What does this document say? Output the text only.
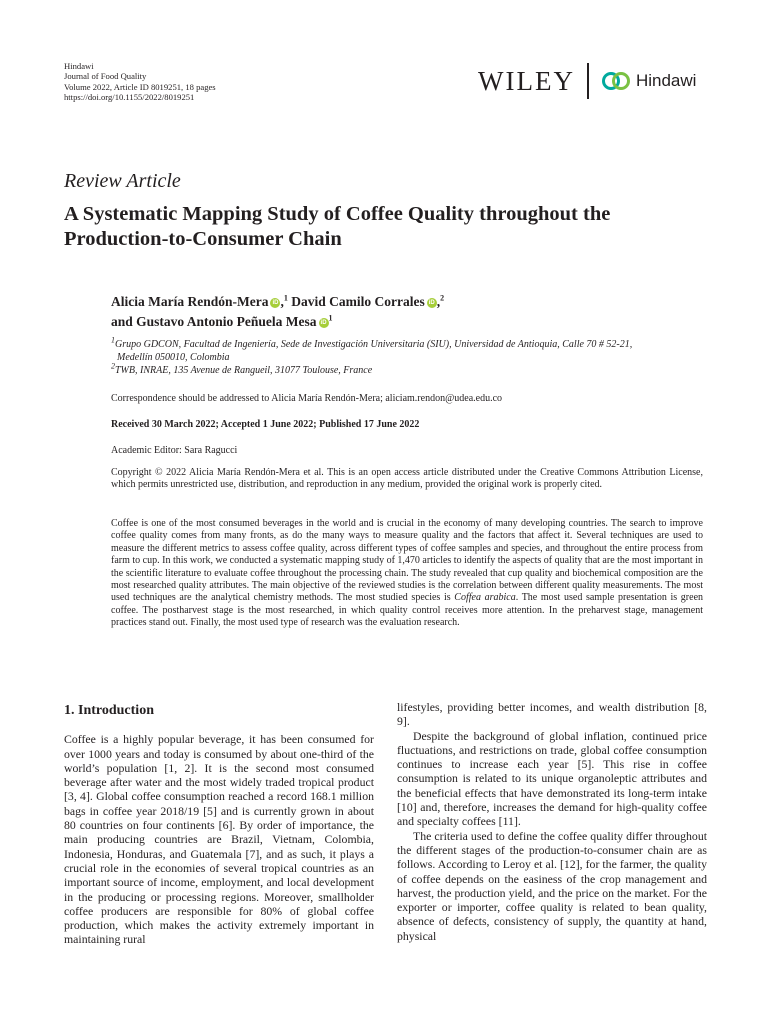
Hindawi
Journal of Food Quality
Volume 2022, Article ID 8019251, 18 pages
https://doi.org/10.1155/2022/8019251
WILEY	Hindawi
Review Article
A Systematic Mapping Study of Coffee Quality throughout the Production-to-Consumer Chain
Alicia María Rendón-Mera iD ,$^1$ David Camilo Corrales iD ,$^2$
and Gustavo Antonio Peñuela Mesa $iD^1$
$^1$Grupo GDCON, Facultad de Ingeniería, Sede de Investigación Universitaria (SIU), Universidad de Antioquia, Calle 70 # 52-21,
Medellín 050010, Colombia
$^2$TWB, INRAE, 135 Avenue de Rangueil, 31077 Toulouse, France
Correspondence should be addressed to Alicia María Rendón-Mera; aliciam.rendon@udea.edu.co
Received 30 March 2022; Accepted 1 June 2022; Published 17 June 2022
Academic Editor: Sara Ragucci
Copyright © 2022 Alicia María Rendón-Mera et al. This is an open access article distributed under the Creative Commons Attribution License, which permits unrestricted use, distribution, and reproduction in any medium, provided the original work is properly cited.
Coffee is one of the most consumed beverages in the world and is crucial in the economy of many developing countries. The search to improve coffee quality comes from many fronts, as do the many ways to measure quality and the factors that affect it. Several techniques are used to measure the different metrics to assess coffee quality, across different types of coffee samples and species, and throughout the entire process from farm to cup. In this work, we conducted a systematic mapping study of 1,470 articles to identify the aspects of quality that are the most important in the scientific literature to evaluate coffee throughout the processing chain. The study revealed that cup quality and biochemical composition are the most researched quality attributes. The main objective of the reviewed studies is the correlation between different quality measurements. The most used techniques are the analytical chemistry methods. The most studied species is Coffea arabica. The most used sample presentation is green coffee. The postharvest stage is the most researched, in which quality control receives more attention. In the preharvest stage, management practices stand out. Finally, the most used type of research was the evaluation research.
1. Introduction

Coffee is a highly popular beverage, it has been consumed for over 1000 years and today is consumed by about one-third of the world’s population [1, 2]. It is the second most consumed beverage after water and the most widely traded tropical product [3, 4]. Global coffee consumption reached a record 168.1 million bags in coffee year 2018/19 [5] and is currently grown in about 80 countries on four continents [6]. By order of importance, the main producing countries are Brazil, Vietnam, Colombia, Indonesia, Honduras, and Guatemala [7], and as such, it plays a crucial role in the economies of several tropical countries as an important source of income, employment, and local development in the producing or processing regions. Moreover, smallholder coffee producers are responsible for 80% of global coffee production, which makes the activity extremely important in maintaining rural

lifestyles, providing better incomes, and wealth distribution [8, 9].

Despite the background of global inflation, continued price fluctuations, and restrictions on trade, global coffee consumption continues to increase each year [5]. This rise in coffee consumption is related to its unique organoleptic attributes and the beneficial effects that have demonstrated its long-term intake [10] and, therefore, increases the demand for high-quality coffee and specialty coffees [11].

The criteria used to define the coffee quality differ throughout the different stages of the production-to-consumer chain are as follows. According to Leroy et al. [12], for the farmer, the quality of coffee depends on the easiness of the crop management and harvest, the production yield, and the price on the market. For the exporter or importer, coffee quality is related to bean quality, absence of defects, consistency of supply, the quantity at hand, physical
